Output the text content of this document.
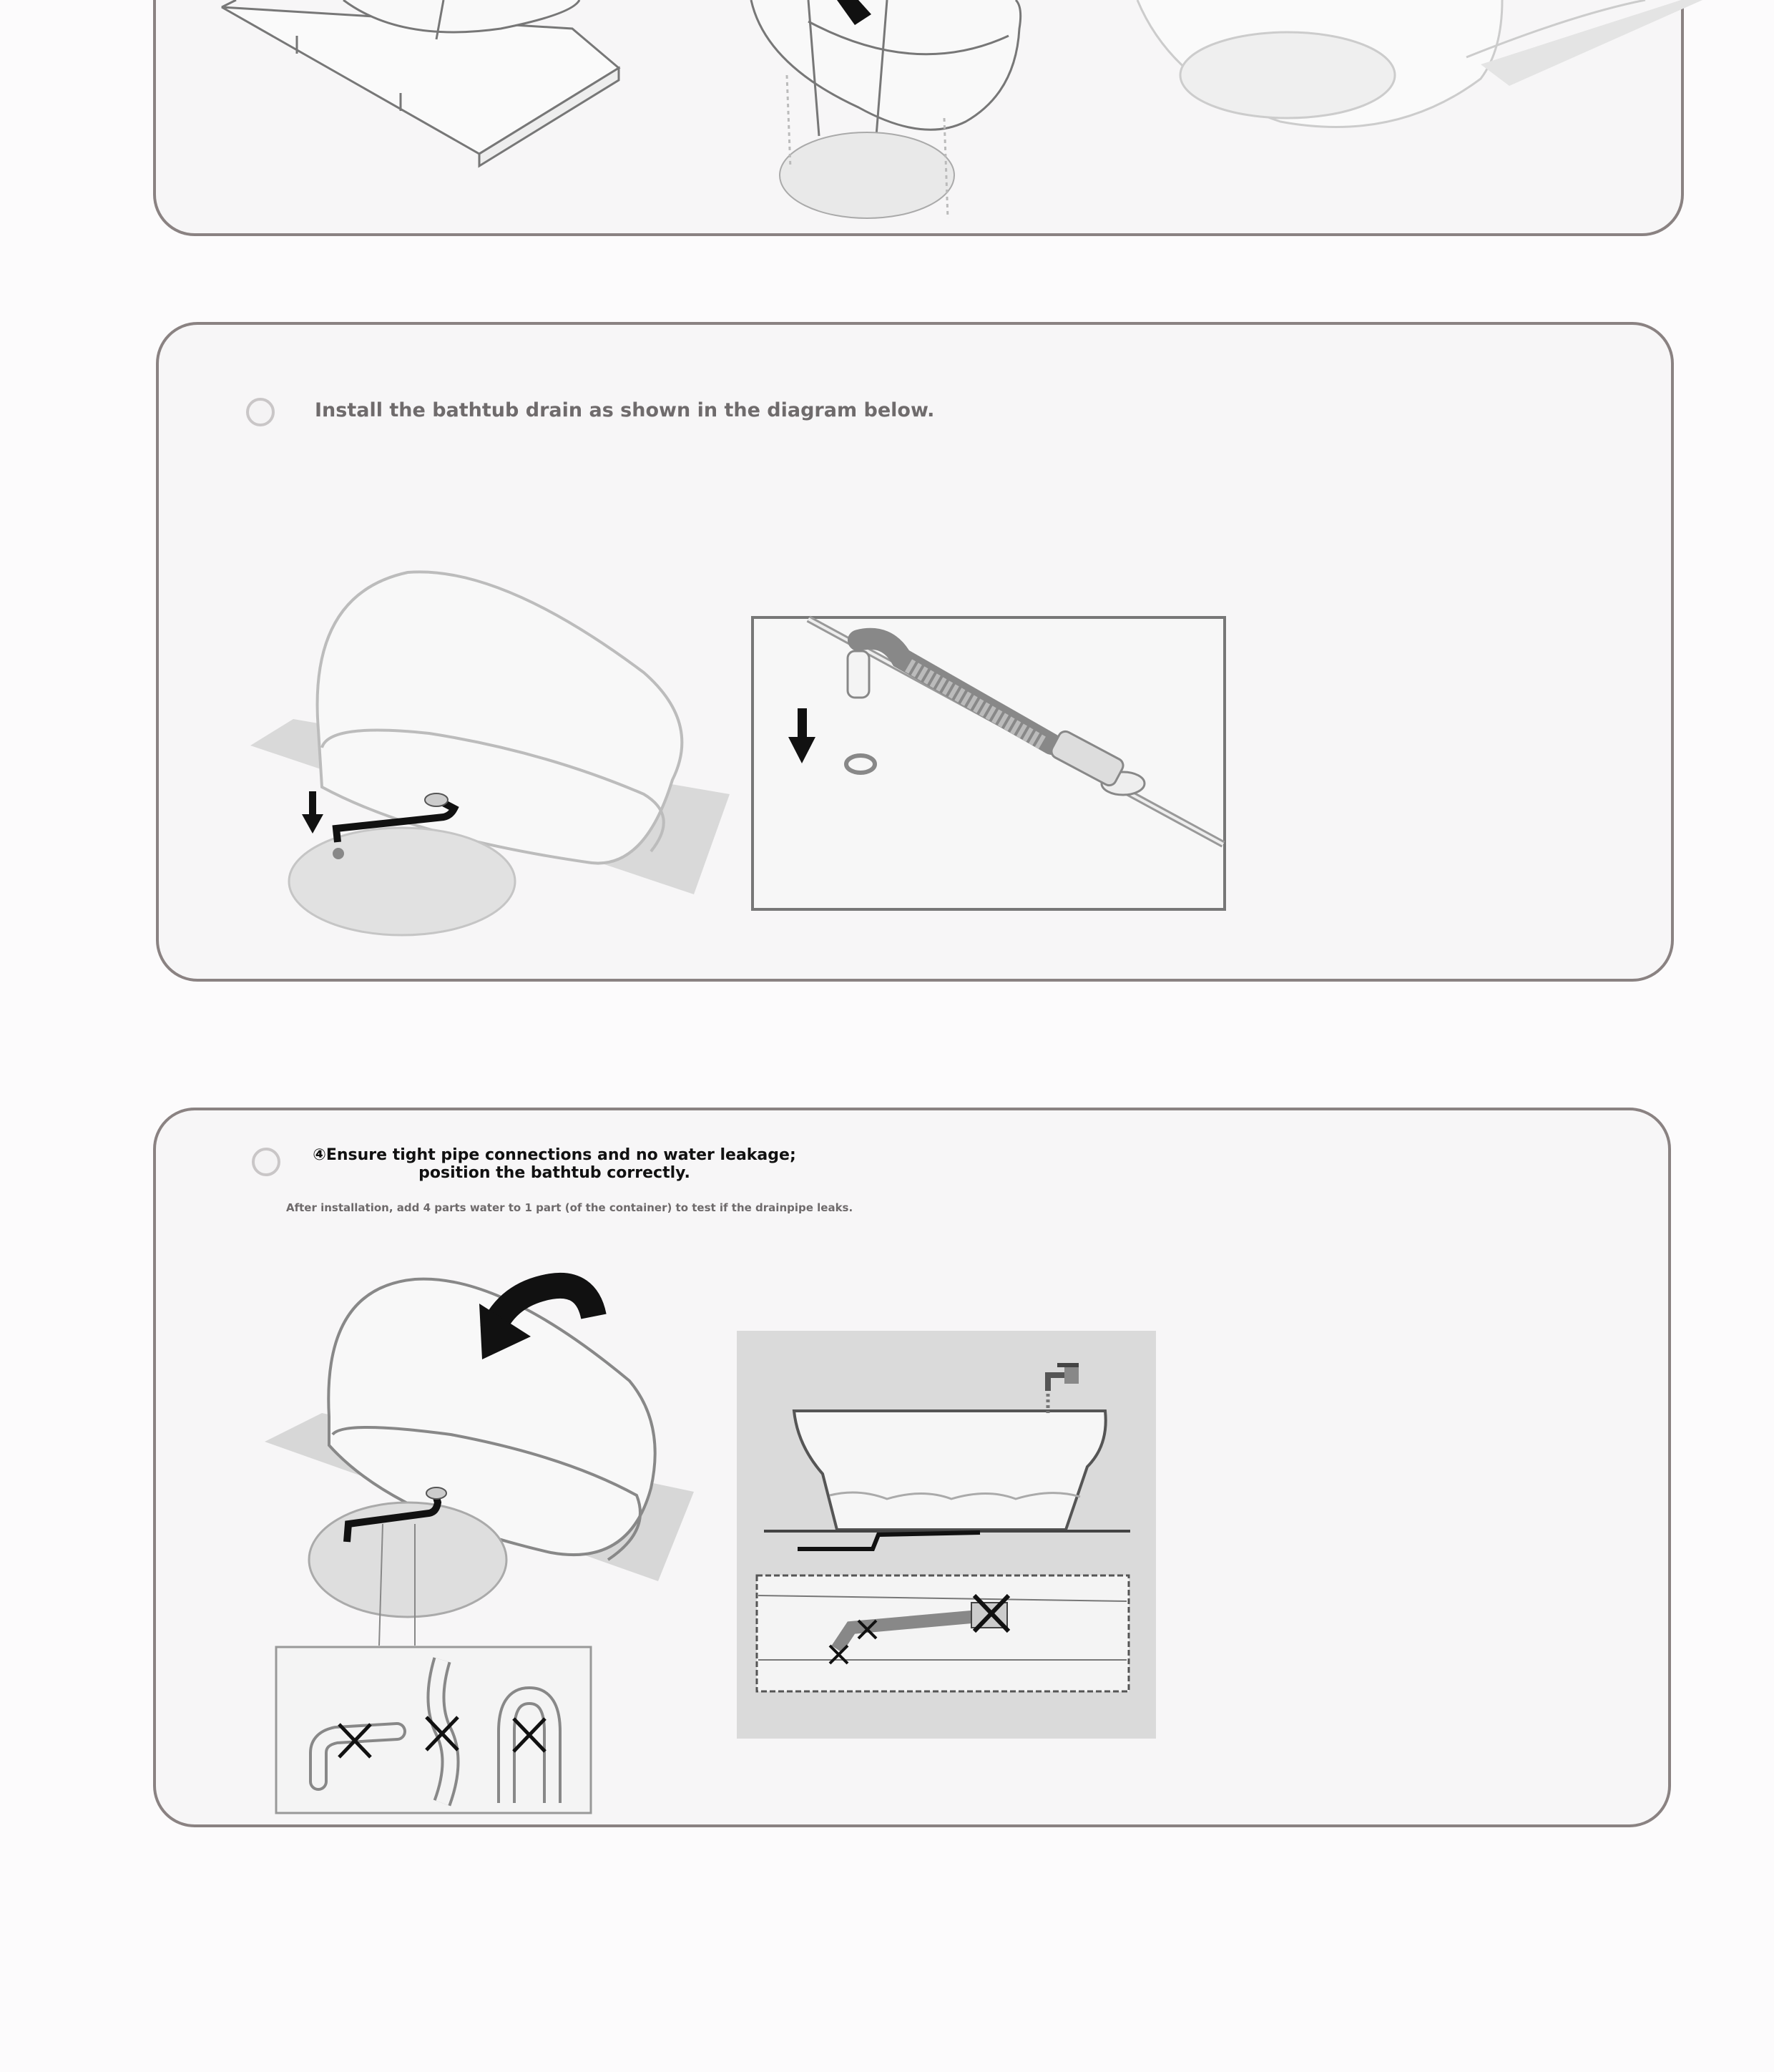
Install the bathtub drain as shown in the diagram below.
④Ensure tight pipe connections and no water leakage; position the bathtub correctly.
After installation, add 4 parts water to 1 part (of the container) to test if the drainpipe leaks.
